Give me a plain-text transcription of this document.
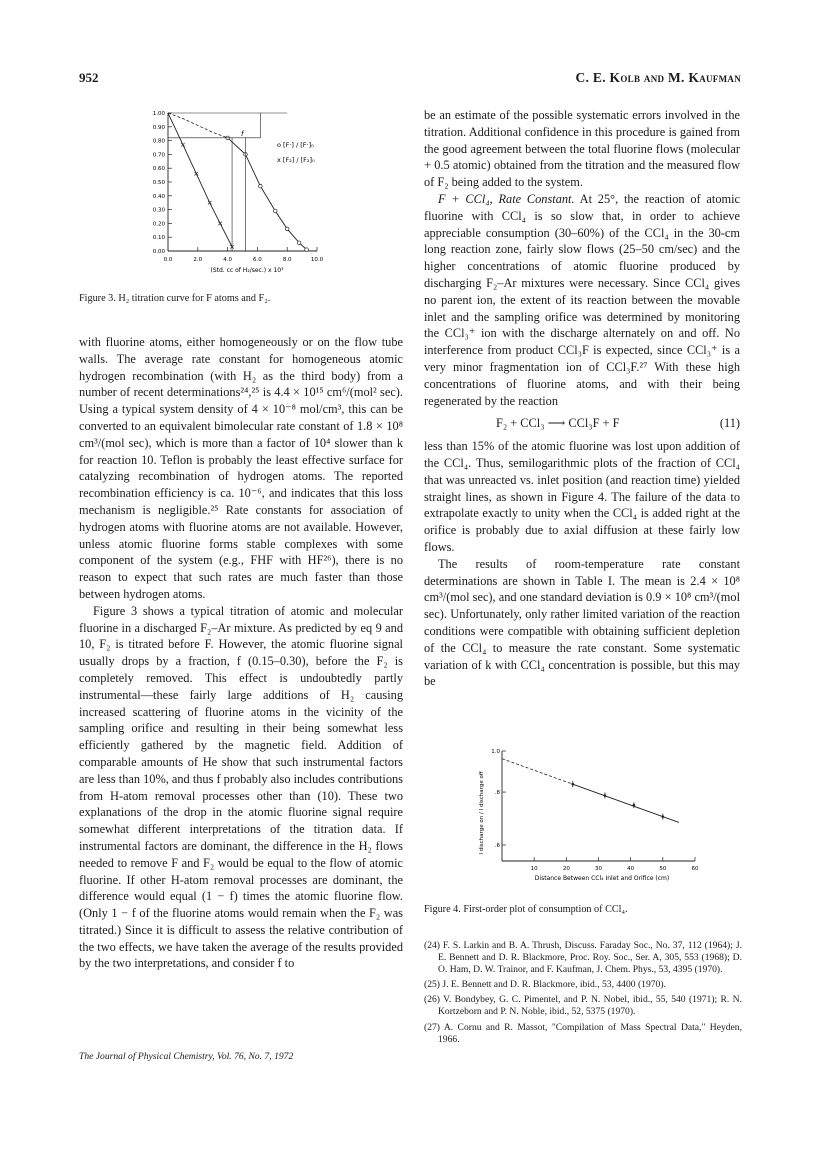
952	C. E. Kolb and M. Kaufman
1.00
0.90
0.80
0.70
0.60
0.50
0.40
0.30
0.20
0.10
0.00
0.0	2.0	4.0	6.0	8.0	10.0
o [F·] / [F·]₀
x [F₂] / [F₂]₀
f
(Std. cc of H₂/sec.) x 10³
Figure 3. H₂ titration curve for F atoms and F₂.

with fluorine atoms, either homogeneously or on the flow tube walls. The average rate constant for homogeneous atomic hydrogen recombination (with H₂ as the third body) from a number of recent determinations²⁴,²⁵ is 4.4 × 10¹⁵ cm⁶/(mol² sec). Using a typical system density of 4 × 10⁻⁸ mol/cm³, this can be converted to an equivalent bimolecular rate constant of 1.8 × 10⁸ cm³/(mol sec), which is more than a factor of 10⁴ slower than k for reaction 10. Teflon is probably the least effective surface for catalyzing recombination of hydrogen atoms. The reported recombination efficiency is ca. 10⁻⁶, and indicates that this loss mechanism is negligible.²⁵ Rate constants for association of hydrogen atoms with fluorine atoms are not available. However, unless atomic fluorine forms stable complexes with some component of the system (e.g., FHF with HF²⁶), there is no reason to expect that such rates are much faster than those between hydrogen atoms.

Figure 3 shows a typical titration of atomic and molecular fluorine in a discharged F₂–Ar mixture. As predicted by eq 9 and 10, F₂ is titrated before F. However, the atomic fluorine signal usually drops by a fraction, f (0.15–0.30), before the F₂ is completely removed. This effect is undoubtedly partly instrumental—these fairly large additions of H₂ causing increased scattering of fluorine atoms in the vicinity of the sampling orifice and resulting in their being somewhat less efficiently gathered by the magnetic field. Addition of comparable amounts of He show that such instrumental factors are less than 10%, and thus f probably also includes contributions from H-atom removal processes other than (10). These two explanations of the drop in the atomic fluorine signal require somewhat different interpretations of the titration data. If instrumental factors are dominant, the difference in the H₂ flows needed to remove F and F₂ would be equal to the flow of atomic fluorine. If other H-atom removal processes are dominant, the difference would equal (1 − f) times the atomic fluorine flow. (Only 1 − f of the fluorine atoms would remain when the F₂ was titrated.) Since it is difficult to assess the relative contribution of the two effects, we have taken the average of the results provided by the two interpretations, and consider f to

be an estimate of the possible systematic errors involved in the titration. Additional confidence in this procedure is gained from the good agreement between the total fluorine flows (molecular + 0.5 atomic) obtained from the titration and the measured flow of F₂ being added to the system.

F + CCl₄, Rate Constant. At 25°, the reaction of atomic fluorine with CCl₄ is so slow that, in order to achieve appreciable consumption (30–60%) of the CCl₄ in the 30-cm long reaction zone, fairly slow flows (25–50 cm/sec) and the higher concentrations of atomic fluorine produced by discharging F₂–Ar mixtures were necessary. Since CCl₄ gives no parent ion, the extent of its reaction between the movable inlet and the sampling orifice was determined by monitoring the CCl₃⁺ ion with the discharge alternately on and off. No interference from product CCl₃F is expected, since CCl₃⁺ is a very minor fragmentation ion of CCl₃F.²⁷ With these high concentrations of fluorine atoms, and with their being regenerated by the reaction

F₂ + CCl₃ ⟶ CCl₃F + F	(11)

less than 15% of the atomic fluorine was lost upon addition of the CCl₄. Thus, semilogarithmic plots of the fraction of CCl₄ that was unreacted vs. inlet position (and reaction time) yielded straight lines, as shown in Figure 4. The failure of the data to extrapolate exactly to unity when the CCl₄ is added right at the orifice is probably due to axial diffusion at these fairly low flows.

The results of room-temperature rate constant determinations are shown in Table I. The mean is 2.4 × 10⁸ cm³/(mol sec), and one standard deviation is 0.9 × 10⁸ cm³/(mol sec). Unfortunately, only rather limited variation of the reaction conditions were compatible with obtaining sufficient depletion of the CCl₄ to measure the rate constant. Some systematic variation of k with CCl₄ concentration is possible, but this may be

1.0
.8
.6
10	20	30	40	50	60
I discharge on / I discharge off
Distance Between CCl₄ Inlet and Orifice (cm)
Figure 4. First-order plot of consumption of CCl₄.

(24) F. S. Larkin and B. A. Thrush, Discuss. Faraday Soc., No. 37, 112 (1964); J. E. Bennett and D. R. Blackmore, Proc. Roy. Soc., Ser. A, 305, 553 (1968); D. O. Ham, D. W. Trainor, and F. Kaufman, J. Chem. Phys., 53, 4395 (1970).

(25) J. E. Bennett and D. R. Blackmore, ibid., 53, 4400 (1970).

(26) V. Bondybey, G. C. Pimentel, and P. N. Nobel, ibid., 55, 540 (1971); R. N. Kortzeborn and P. N. Noble, ibid., 52, 5375 (1970).

(27) A. Cornu and R. Massot, "Compilation of Mass Spectral Data," Heyden, 1966.

The Journal of Physical Chemistry, Vol. 76, No. 7, 1972
